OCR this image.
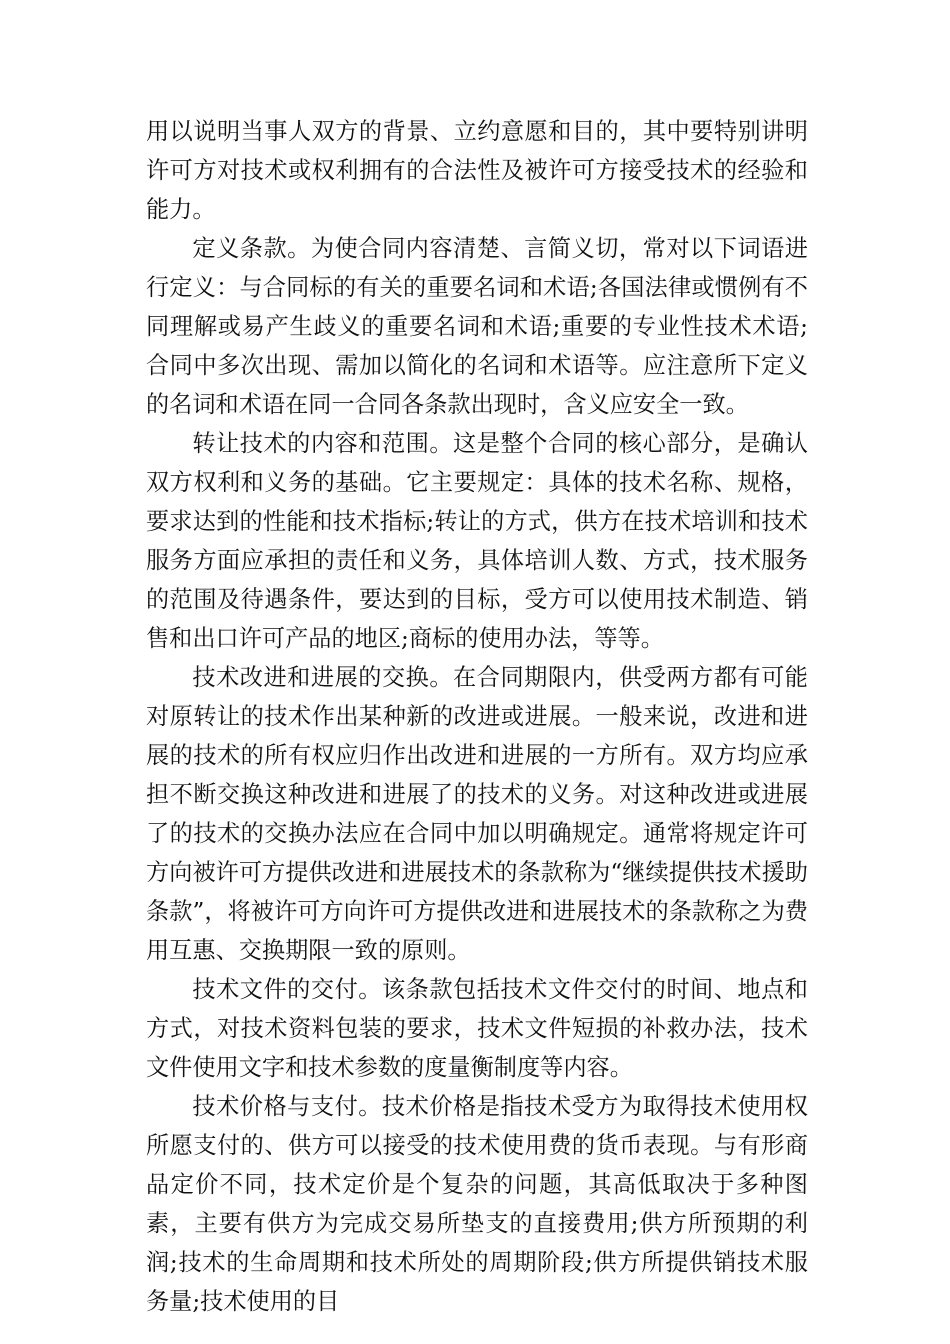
用以说明当事人双方的背景、立约意愿和目的，其中要特别讲明许可方对技术或权利拥有的合法性及被许可方接受技术的经验和能力。

定义条款。为使合同内容清楚、言简义切，常对以下词语进行定义：与合同标的有关的重要名词和术语;各国法律或惯例有不同理解或易产生歧义的重要名词和术语;重要的专业性技术术语;合同中多次出现、需加以简化的名词和术语等。应注意所下定义的名词和术语在同一合同各条款出现时，含义应安全一致。

转让技术的内容和范围。这是整个合同的核心部分，是确认双方权利和义务的基础。它主要规定：具体的技术名称、规格，要求达到的性能和技术指标;转让的方式，供方在技术培训和技术服务方面应承担的责任和义务，具体培训人数、方式，技术服务的范围及待遇条件，要达到的目标，受方可以使用技术制造、销售和出口许可产品的地区;商标的使用办法，等等。

技术改进和进展的交换。在合同期限内，供受两方都有可能对原转让的技术作出某种新的改进或进展。一般来说，改进和进展的技术的所有权应归作出改进和进展的一方所有。双方均应承担不断交换这种改进和进展了的技术的义务。对这种改进或进展了的技术的交换办法应在合同中加以明确规定。通常将规定许可方向被许可方提供改进和进展技术的条款称为“继续提供技术援助条款”，将被许可方向许可方提供改进和进展技术的条款称之为费用互惠、交换期限一致的原则。

技术文件的交付。该条款包括技术文件交付的时间、地点和方式，对技术资料包装的要求，技术文件短损的补救办法，技术文件使用文字和技术参数的度量衡制度等内容。

技术价格与支付。技术价格是指技术受方为取得技术使用权所愿支付的、供方可以接受的技术使用费的货币表现。与有形商品定价不同，技术定价是个复杂的问题，其高低取决于多种图素，主要有供方为完成交易所垫支的直接费用;供方所预期的利润;技术的生命周期和技术所处的周期阶段;供方所提供销技术服务量;技术使用的目
